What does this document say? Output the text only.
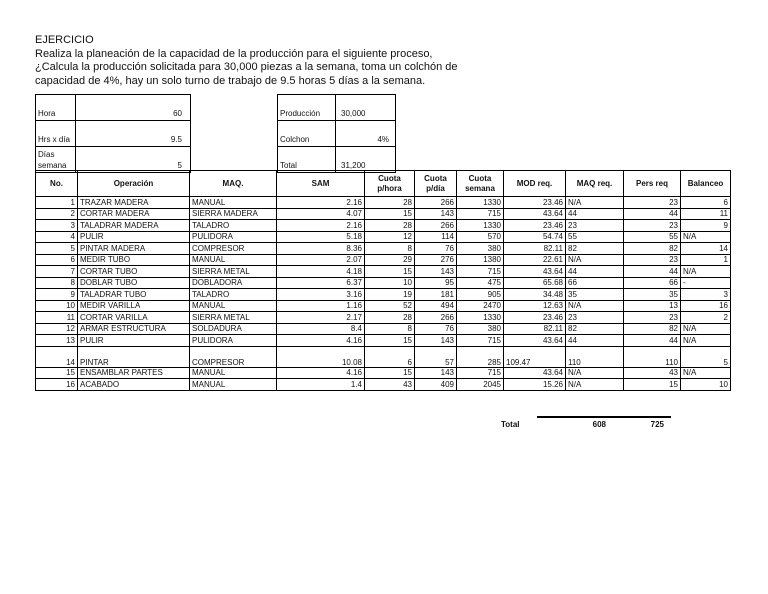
EJERCICIO
Realiza la planeación de la capacidad de la producción para el siguiente proceso,
¿Calcula la producción solicitada para 30,000 piezas a la semana, toma un colchón de
capacidad de 4%, hay un solo turno de trabajo de 9.5 horas 5 días a la semana.
Hora	60
Hrs x día	9.5
Días semana	5
Producción	30,000
Colchon	4%
Total	31,200
No.	Operación	MAQ.	SAM	Cuota p/hora	Cuota p/día	Cuota semana	MOD req.	MAQ req.	Pers req	Balanceo
1	TRAZAR MADERA	MANUAL	2.16	28	266	1330	23.46	N/A	23	6
2	CORTAR MADERA	SIERRA MADERA	4.07	15	143	715	43.64	44	44	11
3	TALADRAR MADERA	TALADRO	2.16	28	266	1330	23.46	23	23	9
4	PULIR	PULIDORA	5.18	12	114	570	54.74	55	55	N/A
5	PINTAR MADERA	COMPRESOR	8.36	8	76	380	82.11	82	82	14
6	MEDIR TUBO	MANUAL	2.07	29	276	1380	22.61	N/A	23	1
7	CORTAR TUBO	SIERRA METAL	4.18	15	143	715	43.64	44	44	N/A
8	DOBLAR TUBO	DOBLADORA	6.37	10	95	475	65.68	66	66	-
9	TALADRAR TUBO	TALADRO	3.16	19	181	905	34.48	35	35	3
10	MEDIR VARILLA	MANUAL	1.16	52	494	2470	12.63	N/A	13	16
11	CORTAR VARILLA	SIERRA METAL	2.17	28	266	1330	23.46	23	23	2
12	ARMAR ESTRUCTURA	SOLDADURA	8.4	8	76	380	82.11	82	82	N/A
13	PULIR	PULIDORA	4.16	15	143	715	43.64	44	44	N/A
14	PINTAR	COMPRESOR	10.08	6	57	285	109.47	110	110	5
15	ENSAMBLAR PARTES	MANUAL	4.16	15	143	715	43.64	N/A	43	N/A
16	ACABADO	MANUAL	1.4	43	409	2045	15.26	N/A	15	10
Total	608	725
